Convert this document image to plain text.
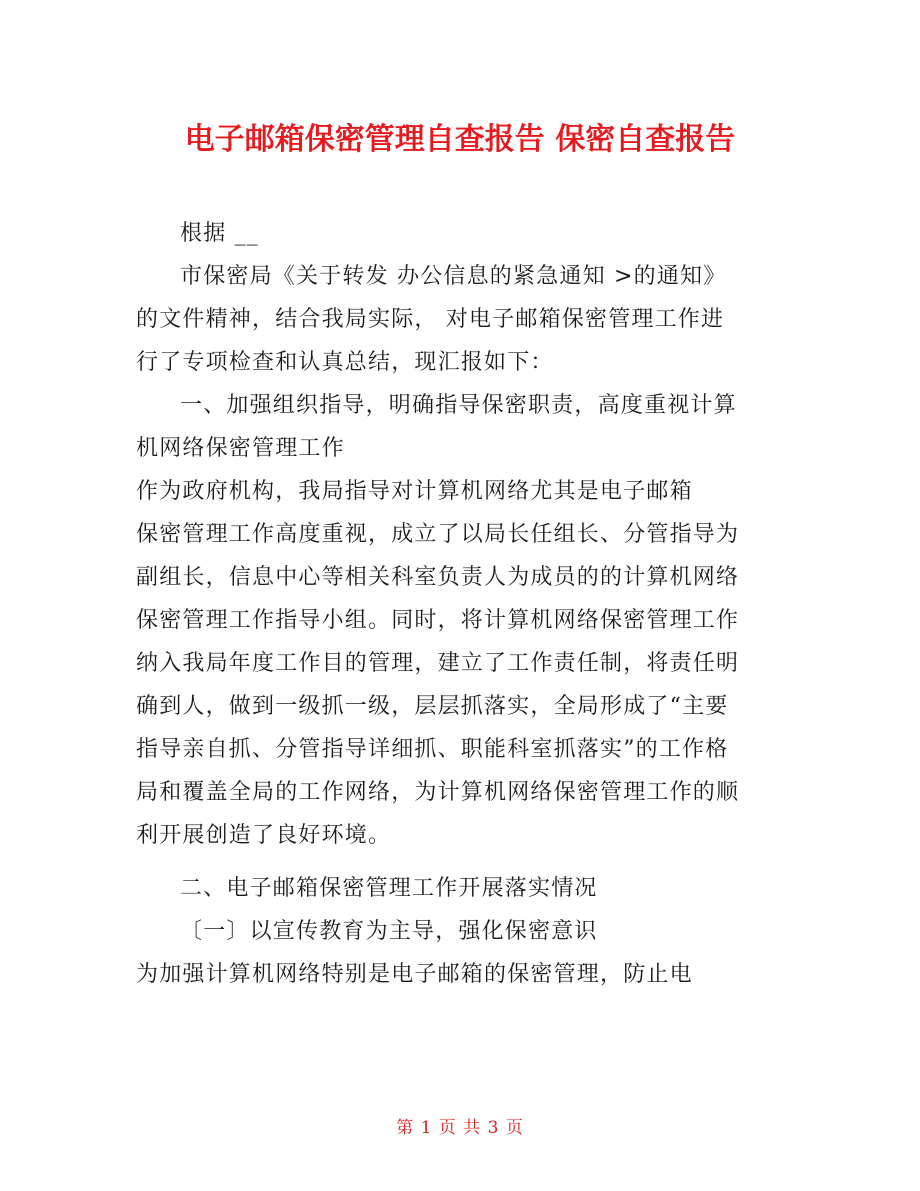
电子邮箱保密管理自查报告 保密自查报告
根据 __
市保密局《关于转发 办公信息的紧急通知 >的通知》
的文件精神，结合我局实际， 对电子邮箱保密管理工作进
行了专项检查和认真总结，现汇报如下：
一、加强组织指导，明确指导保密职责，高度重视计算
机网络保密管理工作
作为政府机构，我局指导对计算机网络尤其是电子邮箱
保密管理工作高度重视，成立了以局长任组长、分管指导为
副组长，信息中心等相关科室负责人为成员的的计算机网络
保密管理工作指导小组。同时，将计算机网络保密管理工作
纳入我局年度工作目的管理，建立了工作责任制，将责任明
确到人，做到一级抓一级，层层抓落实，全局形成了“主要
指导亲自抓、分管指导详细抓、职能科室抓落实”的工作格
局和覆盖全局的工作网络，为计算机网络保密管理工作的顺
利开展创造了良好环境。
二、电子邮箱保密管理工作开展落实情况
〔一〕以宣传教育为主导，强化保密意识
为加强计算机网络特别是电子邮箱的保密管理，防止电
第 1 页 共 3 页
